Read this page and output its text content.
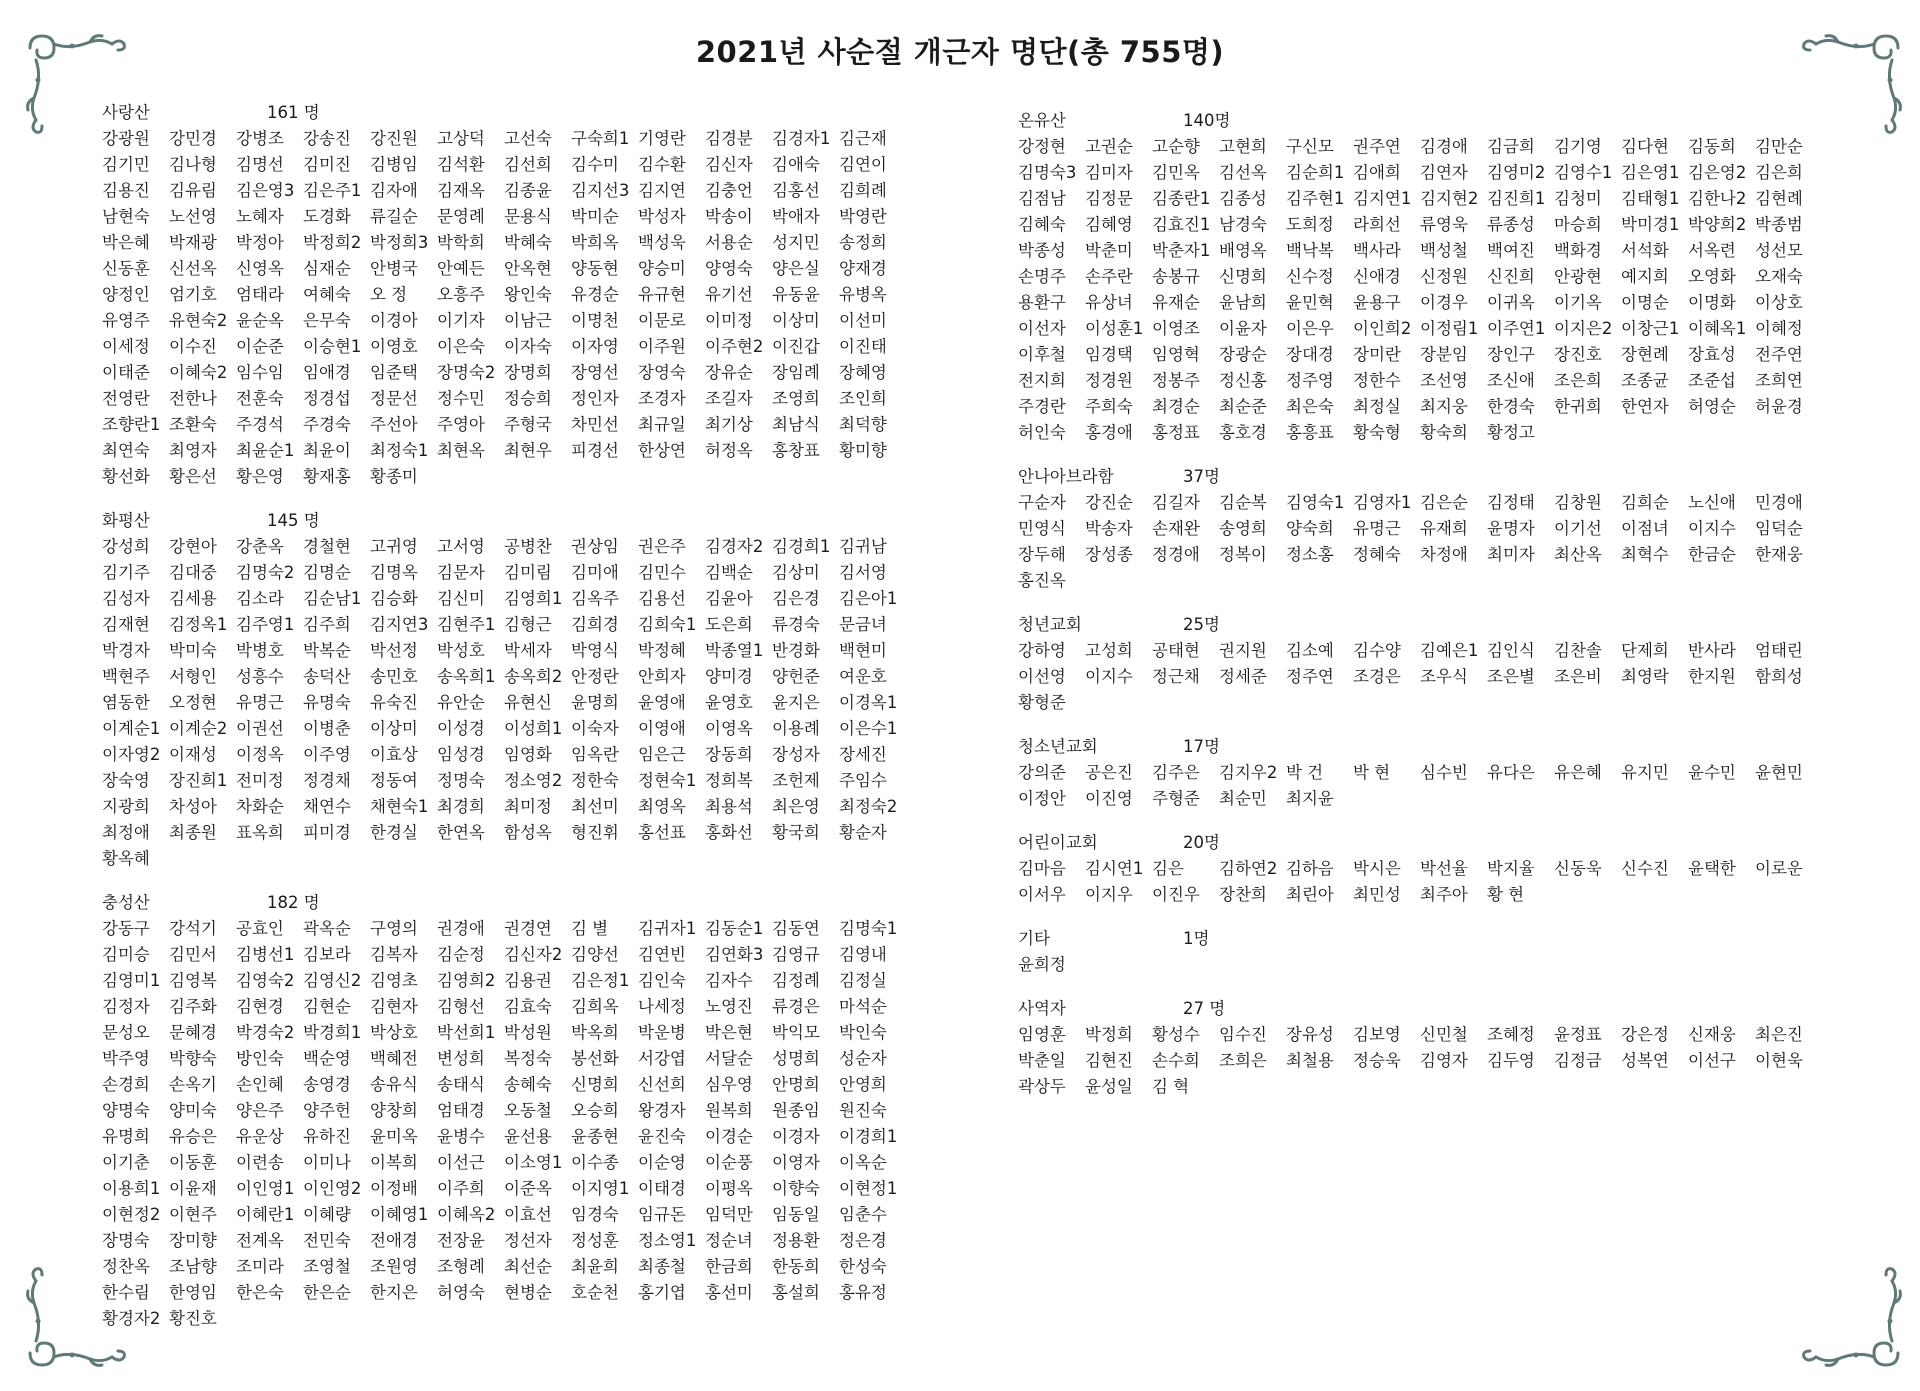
2021년 사순절 개근자 명단(총 755명)
사랑산	161 명
강광원	강민경	강병조	강송진	강진원	고상덕	고선숙	구숙희1 기영란	김경분	김경자1 김근재
김기민	김나형	김명선	김미진	김병임	김석환	김선희	김수미	김수환	김신자	김애숙	김연이
김용진	김유림	김은영3 김은주1 김자애	김재옥	김종윤	김지선3 김지연	김충언	김홍선	김희례
남현숙	노선영	노혜자	도경화	류길순	문영례	문용식	박미순	박성자	박송이	박애자	박영란
박은혜	박재광	박정아	박정희2 박정희3 박학희	박혜숙	박희옥	백성욱	서용순	성지민	송정희
신동훈	신선옥	신영옥	심재순	안병국	안예든	안옥현	양동현	양승미	양영숙	양은실	양재경
양정인	엄기호	엄태라	여혜숙	오 정	오흥주	왕인숙	유경순	유규현	유기선	유동윤	유병옥
유영주	유현숙2 윤순옥	은무숙	이경아	이기자	이남근	이명천	이문로	이미정	이상미	이선미
이세정	이수진	이순준	이승현1 이영호	이은숙	이자숙	이자영	이주원	이주현2 이진갑	이진태
이태준	이혜숙2 임수임	임애경	임준택	장명숙2 장명희	장영선	장영숙	장유순	장임례	장혜영
전영란	전한나	전훈숙	정경섭	정문선	정수민	정승희	정인자	조경자	조길자	조영희	조인희
조향란1 조환숙	주경석	주경숙	주선아	주영아	주형국	차민선	최규일	최기상	최남식	최덕향
최연숙	최영자	최윤순1 최윤이	최정숙1 최현옥	최현우	피경선	한상연	허정옥	홍창표	황미향
황선화	황은선	황은영	황재홍	황종미
화평산	145 명
강성희	강현아	강춘옥	경철현	고귀영	고서영	공병찬	권상임	권은주	김경자2 김경희1 김귀남
김기주	김대중	김명숙2 김명순	김명옥	김문자	김미림	김미애	김민수	김백순	김상미	김서영
김성자	김세용	김소라	김순남1 김승화	김신미	김영희1 김옥주	김용선	김윤아	김은경	김은아1
김재현	김정옥1 김주영1 김주희	김지연3 김현주1 김형근	김희경	김희숙1 도은희	류경숙	문금녀
박경자	박미숙	박병호	박복순	박선정	박성호	박세자	박영식	박정혜	박종열1 반경화	백현미
백현주	서형인	성흥수	송덕산	송민호	송옥희1 송옥희2 안정란	안희자	양미경	양헌준	여운호
염동한	오정현	유명근	유명숙	유숙진	유안순	유현신	윤명희	윤영애	윤영호	윤지은	이경옥1
이계순1 이계순2 이권선	이병춘	이상미	이성경	이성희1 이숙자	이영애	이영옥	이용례	이은수1
이자영2 이재성	이정옥	이주영	이효상	임성경	임영화	임옥란	임은근	장동희	장성자	장세진
장숙영	장진희1 전미정	정경채	정동여	정명숙	정소영2 정한숙	정현숙1 정희복	조헌제	주임수
지광희	차성아	차화순	채연수	채현숙1 최경희	최미정	최선미	최영옥	최용석	최은영	최정숙2
최정애	최종원	표옥희	피미경	한경실	한연옥	함성옥	형진휘	홍선표	홍화선	황국희	황순자
황옥혜
충성산	182 명
강동구	강석기	공효인	곽옥순	구영의	권경애	권경연	김 별	김귀자1 김동순1 김동연	김명숙1
김미승	김민서	김병선1 김보라	김복자	김순정	김신자2 김양선	김연빈	김연화3 김영규	김영내
김영미1 김영복	김영숙2 김영신2 김영초	김영희2 김용권	김은정1 김인숙	김자수	김정례	김정실
김정자	김주화	김현경	김현순	김현자	김형선	김효숙	김희옥	나세정	노영진	류경은	마석순
문성오	문혜경	박경숙2 박경희1 박상호	박선희1 박성원	박옥희	박운병	박은현	박익모	박인숙
박주영	박향숙	방인숙	백순영	백혜전	변성희	복정숙	봉선화	서강엽	서달순	성명희	성순자
손경희	손옥기	손인혜	송영경	송유식	송태식	송혜숙	신명희	신선희	심우영	안명희	안영희
양명숙	양미숙	양은주	양주헌	양창희	엄태경	오동철	오승희	왕경자	원복희	원종임	원진숙
유명희	유승은	유운상	유하진	윤미옥	윤병수	윤선용	윤종현	윤진숙	이경순	이경자	이경희1
이기춘	이동훈	이련송	이미나	이복희	이선근	이소영1 이수종	이순영	이순풍	이영자	이옥순
이용희1 이윤재	이인영1 이인영2 이정배	이주희	이준옥	이지영1 이태경	이평옥	이향숙	이현정1
이현정2 이현주	이혜란1 이혜량	이혜영1 이혜옥2 이효선	임경숙	임규돈	임덕만	임동일	임춘수
장명숙	장미향	전계옥	전민숙	전애경	전장윤	정선자	정성훈	정소영1 정순녀	정용환	정은경
정찬옥	조남향	조미라	조영철	조원영	조형례	최선순	최윤희	최종철	한금희	한동희	한성숙
한수림	한영임	한은숙	한은순	한지은	허영숙	현병순	호순천	홍기엽	홍선미	홍설희	홍유정
황경자2 황진호
온유산	140명
강정현	고권순	고순향	고현희	구신모	권주연	김경애	김금희	김기영	김다현	김동희	김만순
김명숙3 김미자	김민옥	김선옥	김순희1 김애희	김연자	김영미2 김영수1 김은영1 김은영2 김은희
김점남	김정문	김종란1 김종성	김주현1 김지연1 김지현2 김진희1 김청미	김태형1 김한나2 김현례
김혜숙	김혜영	김효진1 남경숙	도희정	라희선	류영욱	류종성	마승희	박미경1 박양희2 박종범
박종성	박춘미	박춘자1 배영옥	백낙복	백사라	백성철	백여진	백화경	서석화	서옥련	성선모
손명주	손주란	송봉규	신명희	신수정	신애경	신정원	신진희	안광현	예지희	오영화	오재숙
용환구	유상녀	유재순	윤남희	윤민혁	윤용구	이경우	이귀옥	이기옥	이명순	이명화	이상호
이선자	이성훈1 이영조	이윤자	이은우	이인희2 이정림1 이주연1 이지은2 이창근1 이혜옥1 이혜정
이후철	임경택	임영혁	장광순	장대경	장미란	장분임	장인구	장진호	장현례	장효성	전주연
전지희	정경원	정봉주	정신홍	정주영	정한수	조선영	조신애	조은희	조종균	조준섭	조희연
주경란	주희숙	최경순	최순준	최은숙	최정실	최지웅	한경숙	한귀희	한연자	허영순	허윤경
허인숙	홍경애	홍정표	홍호경	홍흥표	황숙형	황숙희	황정고
안나아브라함	37명
구순자	강진순	김길자	김순복	김영숙1 김영자1 김은순	김정태	김창원	김희순	노신애	민경애
민영식	박송자	손재완	송영희	양숙희	유명근	유재희	윤명자	이기선	이점녀	이지수	임덕순
장두해	장성종	정경애	정복이	정소홍	정혜숙	차정애	최미자	최산옥	최혁수	한금순	한재웅
홍진옥
청년교회	25명
강하영	고성희	공태현	권지원	김소예	김수양	김예은1 김인식	김찬솔	단제희	반사라	엄태린
이선영	이지수	정근채	정세준	정주연	조경은	조우식	조은별	조은비	최영락	한지원	함희성
황형준
청소년교회	17명
강의준	공은진	김주은	김지우2 박 건	박 현	심수빈	유다은	유은혜	유지민	윤수민	윤현민
이정안	이진영	주형준	최순민	최지윤
어린이교회	20명
김마음	김시연1 김은	김하연2 김하음	박시은	박선율	박지율	신동욱	신수진	윤택한	이로운
이서우	이지우	이진우	장찬희	최린아	최민성	최주아	황 현
기타	1명
윤희정
사역자	27 명
임영훈	박정희	황성수	임수진	장유성	김보영	신민철	조혜정	윤정표	강은정	신재웅	최은진
박춘일	김현진	손수희	조희은	최철용	정승욱	김영자	김두영	김정금	성복연	이선구	이현욱
곽상두	윤성일	김 혁
